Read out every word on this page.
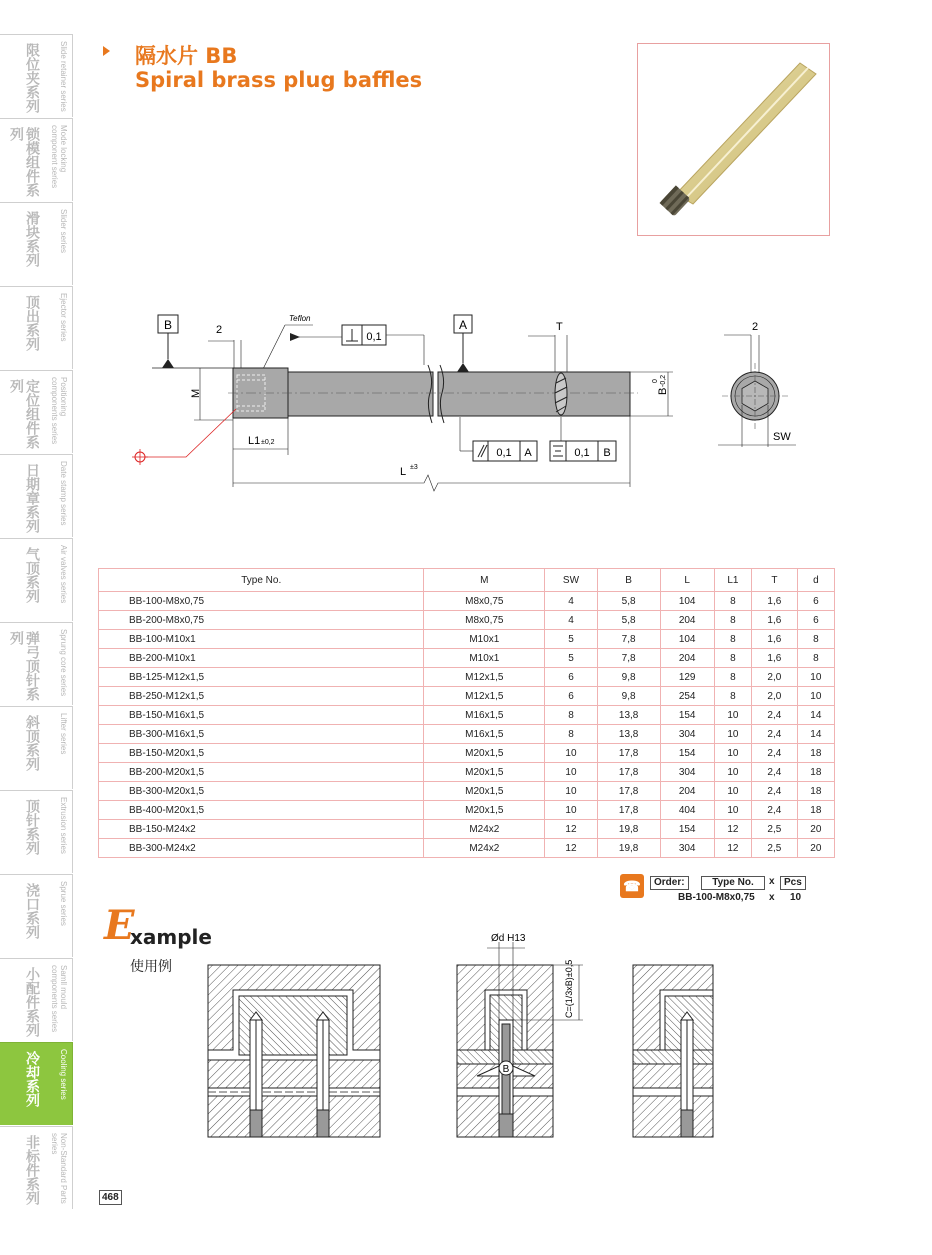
Slide retainer series
限位夹系列
Mode locking component series
锁模组件系列
Slider series
滑块系列
Ejector series
顶出系列
Positioning components series
定位组件系列
Date stamp series
日期章系列
Air valves series
气顶系列
Sprung core series
弹弓顶针系列
Lifter series
斜顶系列
Extrusion series
顶针系列
Sprue series
浇口系列
Samll mould components series
小配件系列
Cooling series
冷却系列
Non-Standard Parts series
非标件系列
隔水片 BB
Spiral brass plug baffles
B	2
Teflon
0,1
M
A	T
B
0 -0,2
L1 ±0,2
L ±3
0,1 A	0,1 B
2
SW
Type No.	M	SW	B	L	L1	T	d
BB-100-M8x0,75	M8x0,75	4	5,8	104	8	1,6	6
BB-200-M8x0,75	M8x0,75	4	5,8	204	8	1,6	6
BB-100-M10x1	M10x1	5	7,8	104	8	1,6	8
BB-200-M10x1	M10x1	5	7,8	204	8	1,6	8
BB-125-M12x1,5	M12x1,5	6	9,8	129	8	2,0	10
BB-250-M12x1,5	M12x1,5	6	9,8	254	8	2,0	10
BB-150-M16x1,5	M16x1,5	8	13,8	154	10	2,4	14
BB-300-M16x1,5	M16x1,5	8	13,8	304	10	2,4	14
BB-150-M20x1,5	M20x1,5	10	17,8	154	10	2,4	18
BB-200-M20x1,5	M20x1,5	10	17,8	304	10	2,4	18
BB-300-M20x1,5	M20x1,5	10	17,8	204	10	2,4	18
BB-400-M20x1,5	M20x1,5	10	17,8	404	10	2,4	18
BB-150-M24x2	M24x2	12	19,8	154	12	2,5	20
BB-300-M24x2	M24x2	12	19,8	304	12	2,5	20
☎	Order:	Type No.	x Pcs
BB-100-M8x0,75 x 10
E
xample
使用例
B
Ød H13
C=(1/3xB)±0,5
468
